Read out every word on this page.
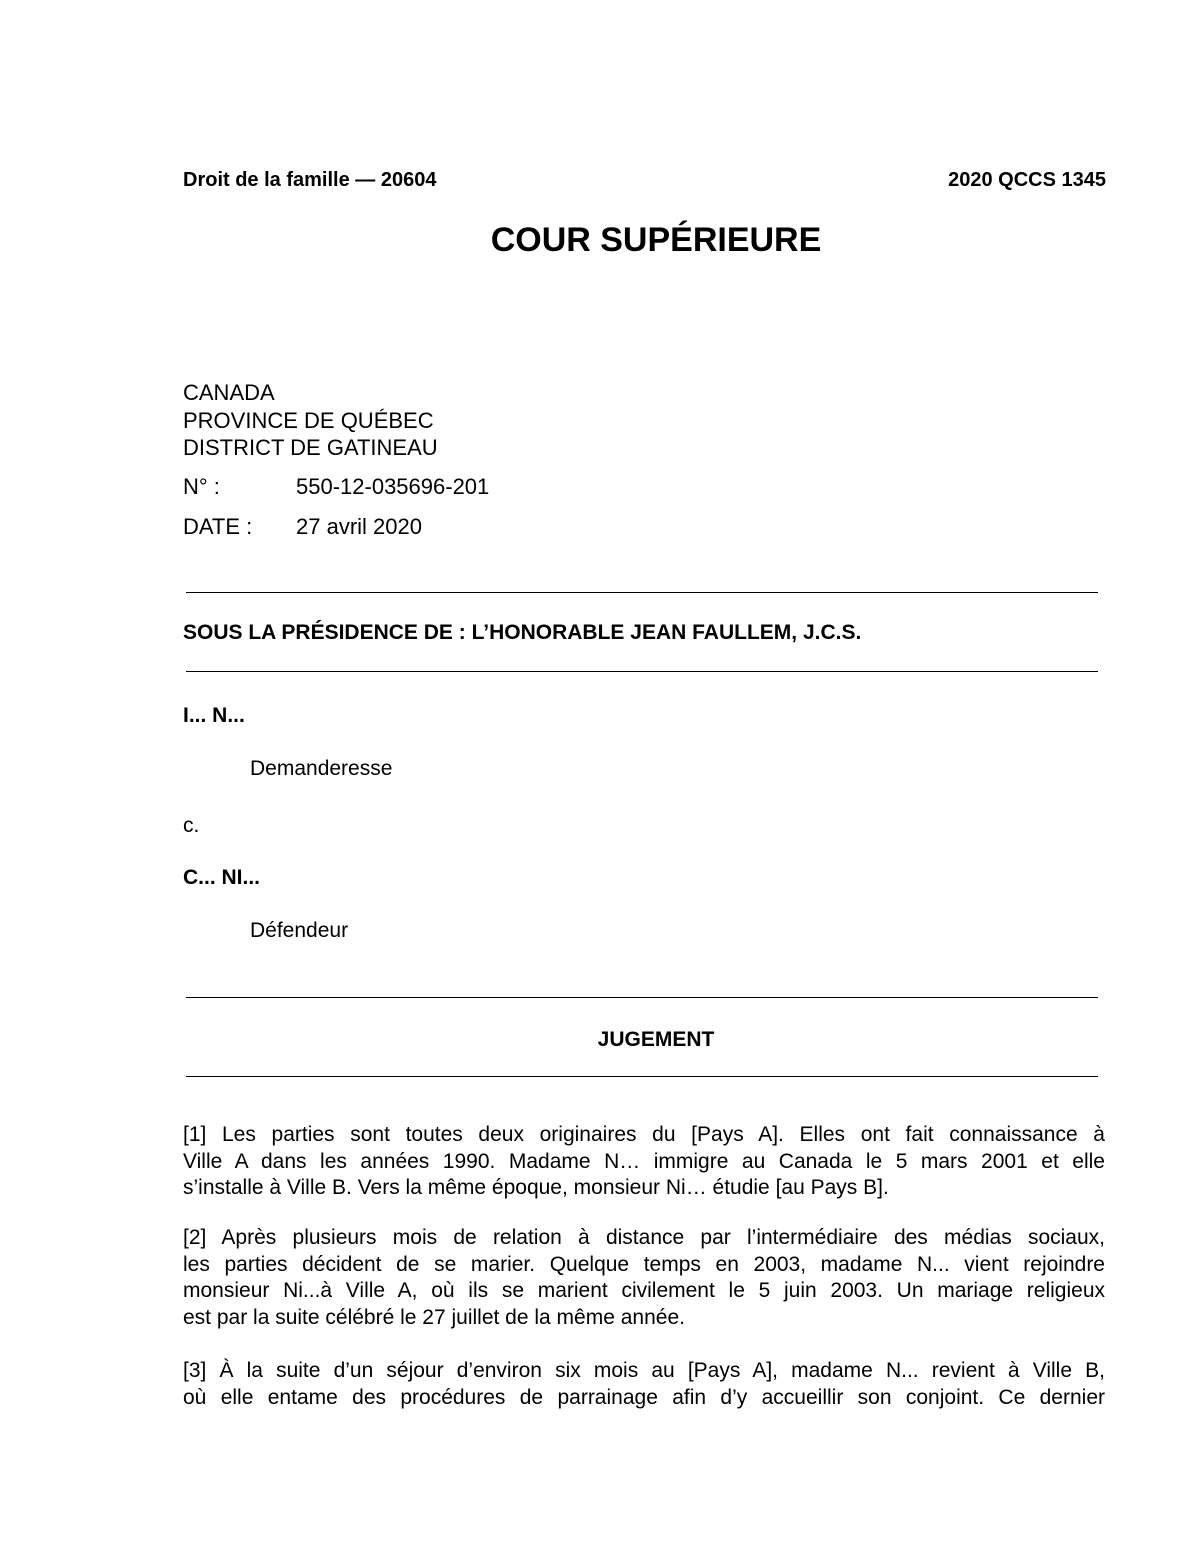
Droit de la famille — 20604	2020 QCCS 1345
COUR SUPÉRIEURE
CANADA
PROVINCE DE QUÉBEC
DISTRICT DE GATINEAU
N° :	550-12-035696-201
DATE : 27 avril 2020
SOUS LA PRÉSIDENCE DE : L’HONORABLE JEAN FAULLEM, J.C.S.
I... N...
Demanderesse
c.
C... NI...
Défendeur
JUGEMENT
[1] Les parties sont toutes deux originaires du [Pays A]. Elles ont fait connaissance à
Ville A dans les années 1990. Madame N… immigre au Canada le 5 mars 2001 et elle
s’installe à Ville B. Vers la même époque, monsieur Ni… étudie [au Pays B].
[2] Après plusieurs mois de relation à distance par l’intermédiaire des médias sociaux,
les parties décident de se marier. Quelque temps en 2003, madame N... vient rejoindre
monsieur Ni...à Ville A, où ils se marient civilement le 5 juin 2003. Un mariage religieux
est par la suite célébré le 27 juillet de la même année.
[3] À la suite d’un séjour d’environ six mois au [Pays A], madame N... revient à Ville B,
où elle entame des procédures de parrainage afin d’y accueillir son conjoint. Ce dernier
